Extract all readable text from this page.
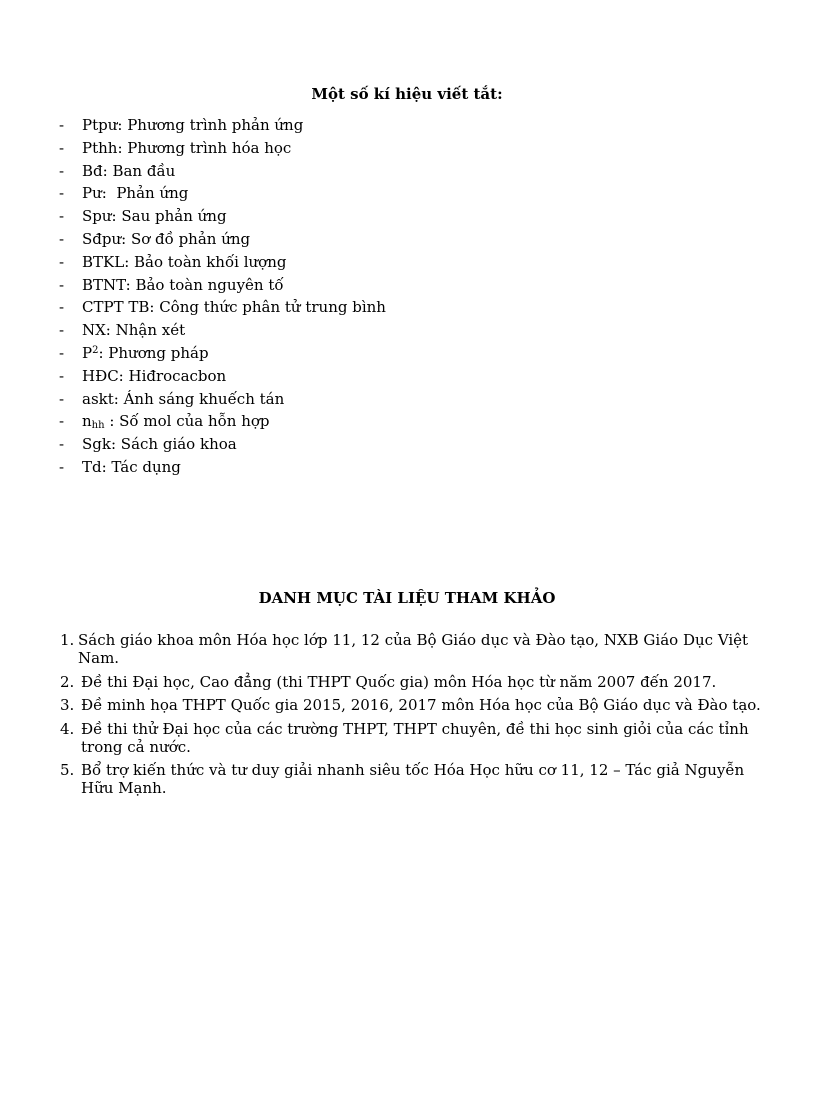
Một số kí hiệu viết tắt:
- Ptpư: Phương trình phản ứng
- Pthh: Phương trình hóa học
- Bđ: Ban đầu
- Pư:  Phản ứng
- Spư: Sau phản ứng
- Sđpư: Sơ đồ phản ứng
- BTKL: Bảo toàn khối lượng
- BTNT: Bảo toàn nguyên tố
- CTPT TB: Công thức phân tử trung bình
- NX: Nhận xét
- $P^2$: Phương pháp
- HĐC: Hiđrocacbon
- askt: Ánh sáng khuếch tán
- $n_{hh}$ : Số mol của hỗn hợp
- Sgk: Sách giáo khoa
- Td: Tác dụng
DANH MỤC TÀI LIỆU THAM KHẢO
1. Sách giáo khoa môn Hóa học lớp 11, 12 của Bộ Giáo dục và Đào tạo, NXB Giáo Dục Việt Nam.
2. Đề thi Đại học, Cao đẳng (thi THPT Quốc gia) môn Hóa học từ năm 2007 đến 2017.
3. Đề minh họa THPT Quốc gia 2015, 2016, 2017 môn Hóa học của Bộ Giáo dục và Đào tạo.
4. Đề thi thử Đại học của các trường THPT, THPT chuyên, đề thi học sinh giỏi của các tỉnh trong cả nước.
5. Bổ trợ kiến thức và tư duy giải nhanh siêu tốc Hóa Học hữu cơ 11, 12 – Tác giả Nguyễn Hữu Mạnh.
